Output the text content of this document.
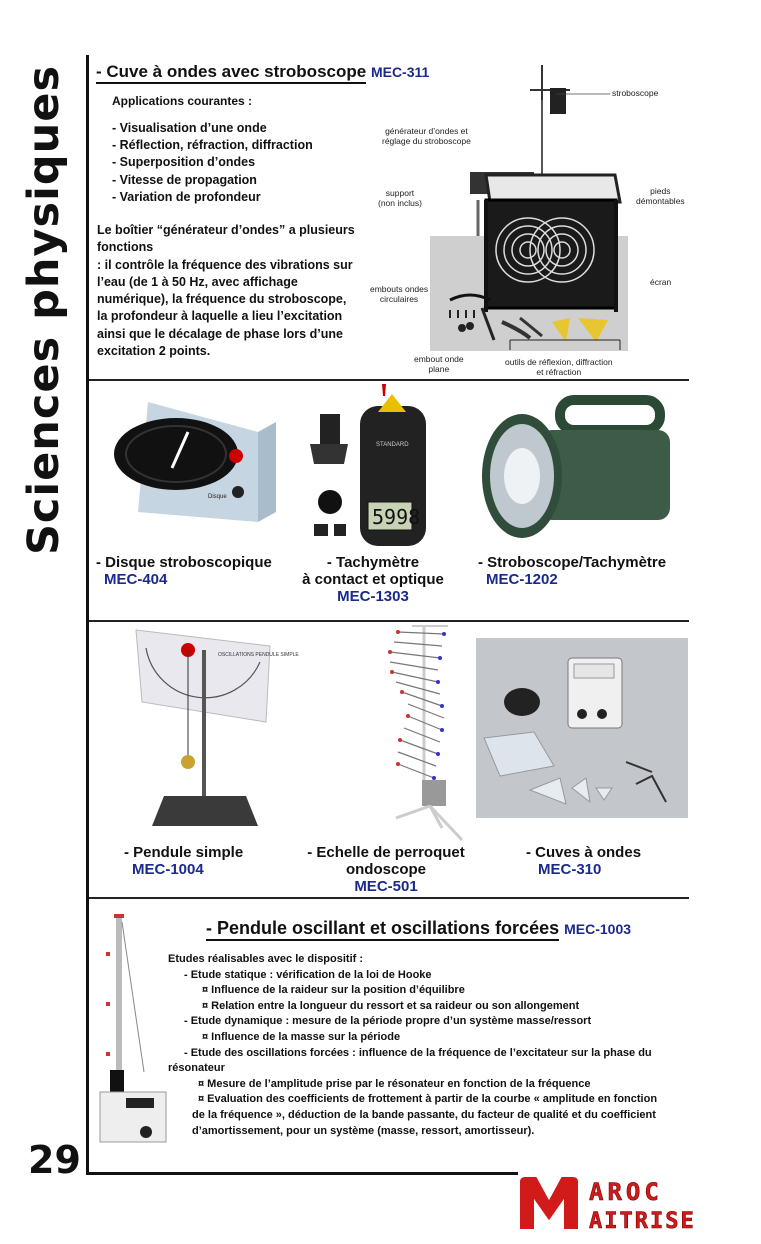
Sciences physiques
29
- Cuve à ondes avec stroboscope MEC-311
Applications courantes :
- Visualisation d’une onde
- Réflection, réfraction, diffraction
- Superposition d’ondes
- Vitesse de propagation
- Variation de profondeur
Le boîtier “générateur d’ondes” a plusieurs
fonctions
: il contrôle la fréquence des vibrations sur
l’eau (de 1 à 50 Hz, avec affichage
numérique), la fréquence du stroboscope,
la profondeur à laquelle a lieu l’excitation
ainsi que le décalage de phase lors d’une
excitation 2 points.
stroboscope
générateur d’ondes et
réglage du stroboscope
support
(non inclus)
pieds
démontables
écran
embouts ondes
circulaires
embout onde
plane
outils de réflexion, diffraction
et réfraction
Disque
5998
STANDARD
- Disque stroboscopique
MEC-404
- Tachymètre
à contact et optique
MEC-1303
- Stroboscope/Tachymètre
MEC-1202
OSCILLATIONS PENDULE SIMPLE
- Pendule simple
MEC-1004
- Echelle de perroquet
ondoscope
MEC-501
- Cuves à ondes
MEC-310
- Pendule oscillant et oscillations forcées MEC-1003
Etudes réalisables avec le dispositif :
- Etude statique : vérification de la loi de Hooke
¤ Influence de la raideur sur la position d’équilibre
¤ Relation entre la longueur du ressort et sa raideur ou son allongement
- Etude dynamique : mesure de la période propre d’un système masse/ressort
¤ Influence de la masse sur la période
- Etude des oscillations forcées : influence de la fréquence de l’excitateur sur la phase du
résonateur
¤ Mesure de l’amplitude prise par le résonateur en fonction de la fréquence
¤ Evaluation des coefficients de frottement à partir de la courbe « amplitude en fonction
de la fréquence », déduction de la bande passante, du facteur de qualité et du coefficient
d’amortissement, pour un système (masse, ressort, amortisseur).
AROC
AITRISE
